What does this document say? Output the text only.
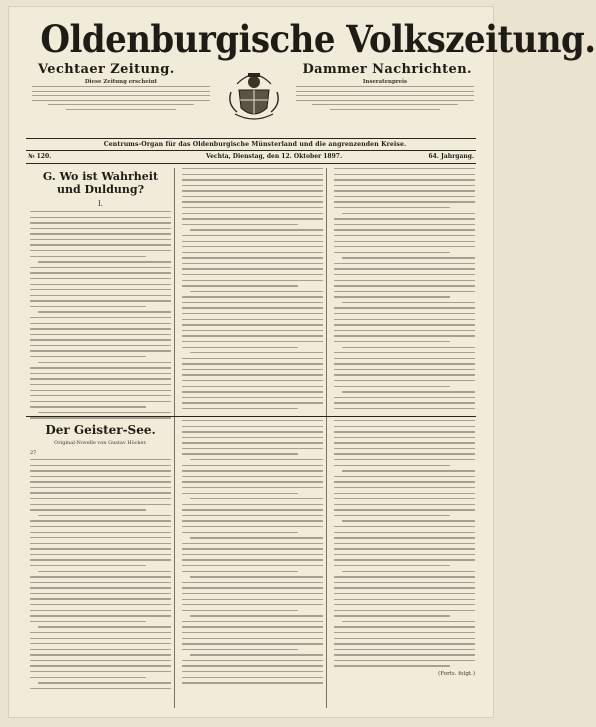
Oldenburgische Volkszeitung.
Vechtaer Zeitung.	Dammer Nachrichten.
Diese Zeitung erscheint	Inseratenpreis
Centrums-Organ für das Oldenburgische Münsterland und die angrenzenden Kreise.
№ 120.	Vechta, Dienstag, den 12. Oktober 1897.	64. Jahrgang.
G. Wo ist Wahrheit und Duldung?
I.
Der Geister-See.
Original-Novelle von Gustav Höcker.
27
(Forts. folgt.)
